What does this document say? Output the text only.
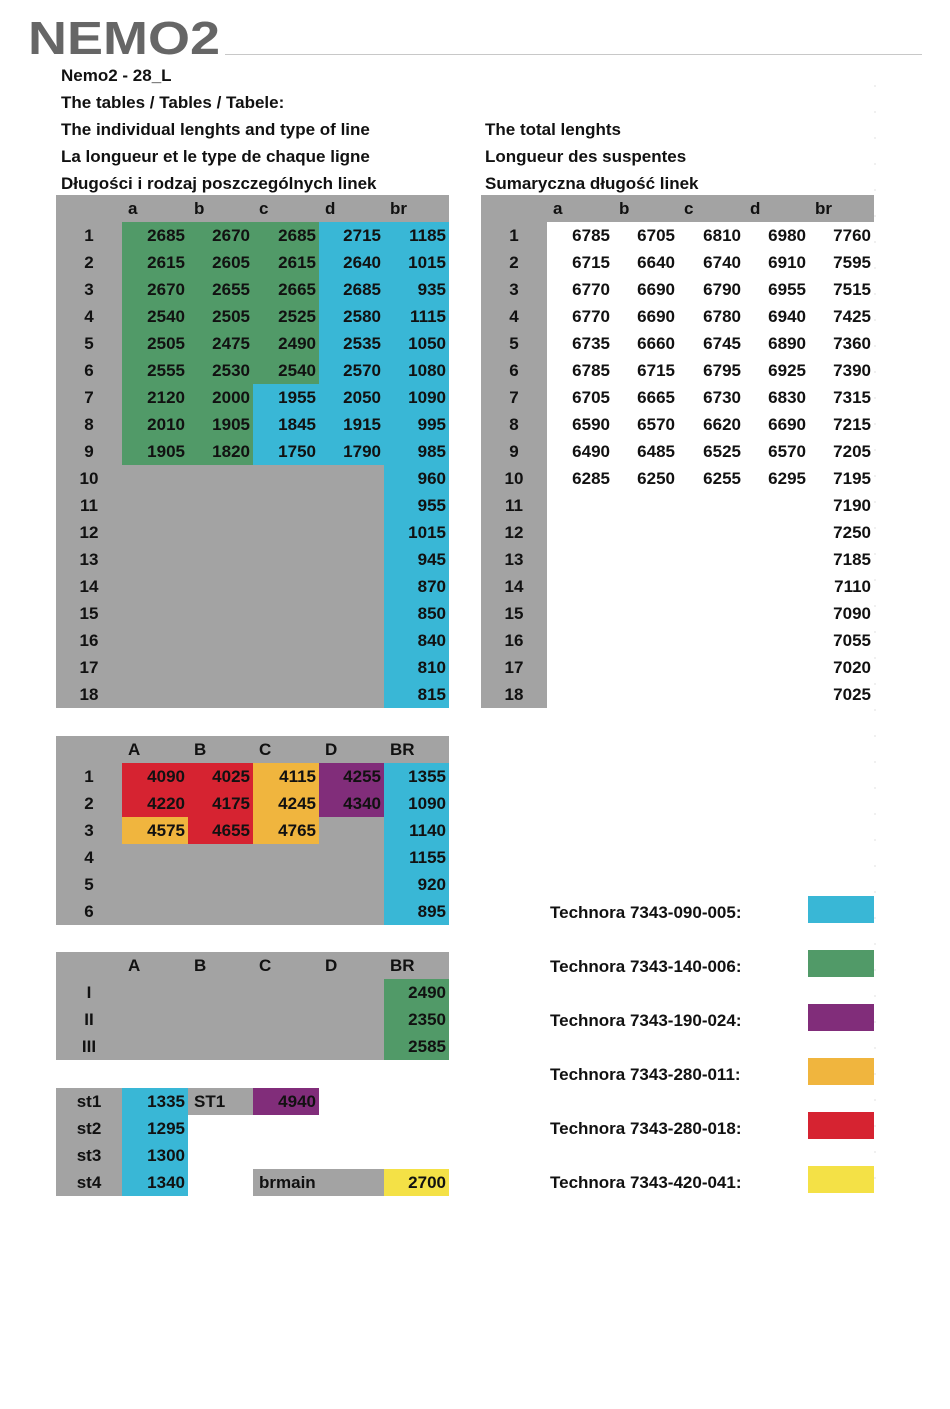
NEMO2
Nemo2 - 28_L
The tables / Tables / Tabele:
The individual lenghts and type of line
La longueur et le type de chaque ligne
Długości i rodzaj poszczególnych linek
The total lenghts
Longueur des suspentes
Sumaryczna długość linek
	a	b	c	d	br
1	2685	2670	2685	2715	1185
2	2615	2605	2615	2640	1015
3	2670	2655	2665	2685	935
4	2540	2505	2525	2580	1115
5	2505	2475	2490	2535	1050
6	2555	2530	2540	2570	1080
7	2120	2000	1955	2050	1090
8	2010	1905	1845	1915	995
9	1905	1820	1750	1790	985
10					960
11					955
12					1015
13					945
14					870
15					850
16					840
17					810
18					815
	a	b	c	d	br
1	6785	6705	6810	6980	7760
2	6715	6640	6740	6910	7595
3	6770	6690	6790	6955	7515
4	6770	6690	6780	6940	7425
5	6735	6660	6745	6890	7360
6	6785	6715	6795	6925	7390
7	6705	6665	6730	6830	7315
8	6590	6570	6620	6690	7215
9	6490	6485	6525	6570	7205
10	6285	6250	6255	6295	7195
11					7190
12					7250
13					7185
14					7110
15					7090
16					7055
17					7020
18					7025
	A	B	C	D	BR
1	4090	4025	4115	4255	1355
2	4220	4175	4245	4340	1090
3	4575	4655	4765		1140
4					1155
5					920
6					895
	A	B	C	D	BR
I					2490
II					2350
III					2585
st1	1335	ST1	4940		
st2	1295				
st3	1300				
st4	1340		brmain		2700
Technora 7343-090-005:
Technora 7343-140-006:
Technora 7343-190-024:
Technora 7343-280-011:
Technora 7343-280-018:
Technora 7343-420-041:
